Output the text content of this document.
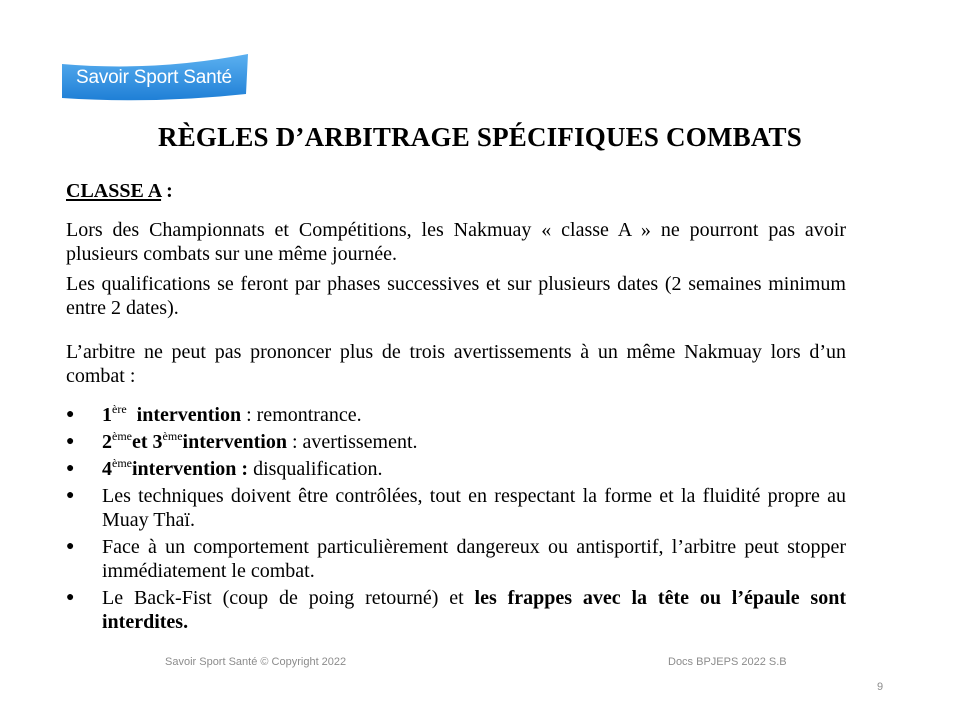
Savoir Sport Santé
RÈGLES D’ARBITRAGE SPÉCIFIQUES COMBATS
CLASSE A :

Lors des Championnats et Compétitions, les Nakmuay « classe A » ne pourront pas avoir plusieurs combats sur une même journée.

Les qualifications se feront par phases successives et sur plusieurs dates (2 semaines minimum entre 2 dates).

L’arbitre ne peut pas prononcer plus de trois avertissements à un même Nakmuay lors d’un combat :

● 1ère intervention : remontrance.
● 2èmeet 3èmeintervention : avertissement.
● 4èmeintervention : disqualification.
● Les techniques doivent être contrôlées, tout en respectant la forme et la fluidité propre au Muay Thaï.
● Face à un comportement particulièrement dangereux ou antisportif, l’arbitre peut stopper immédiatement le combat.
● Le Back-Fist (coup de poing retourné) et les frappes avec la tête ou l’épaule sont interdites.
Savoir Sport Santé © Copyright 2022	Docs BPJEPS 2022 S.B
9
